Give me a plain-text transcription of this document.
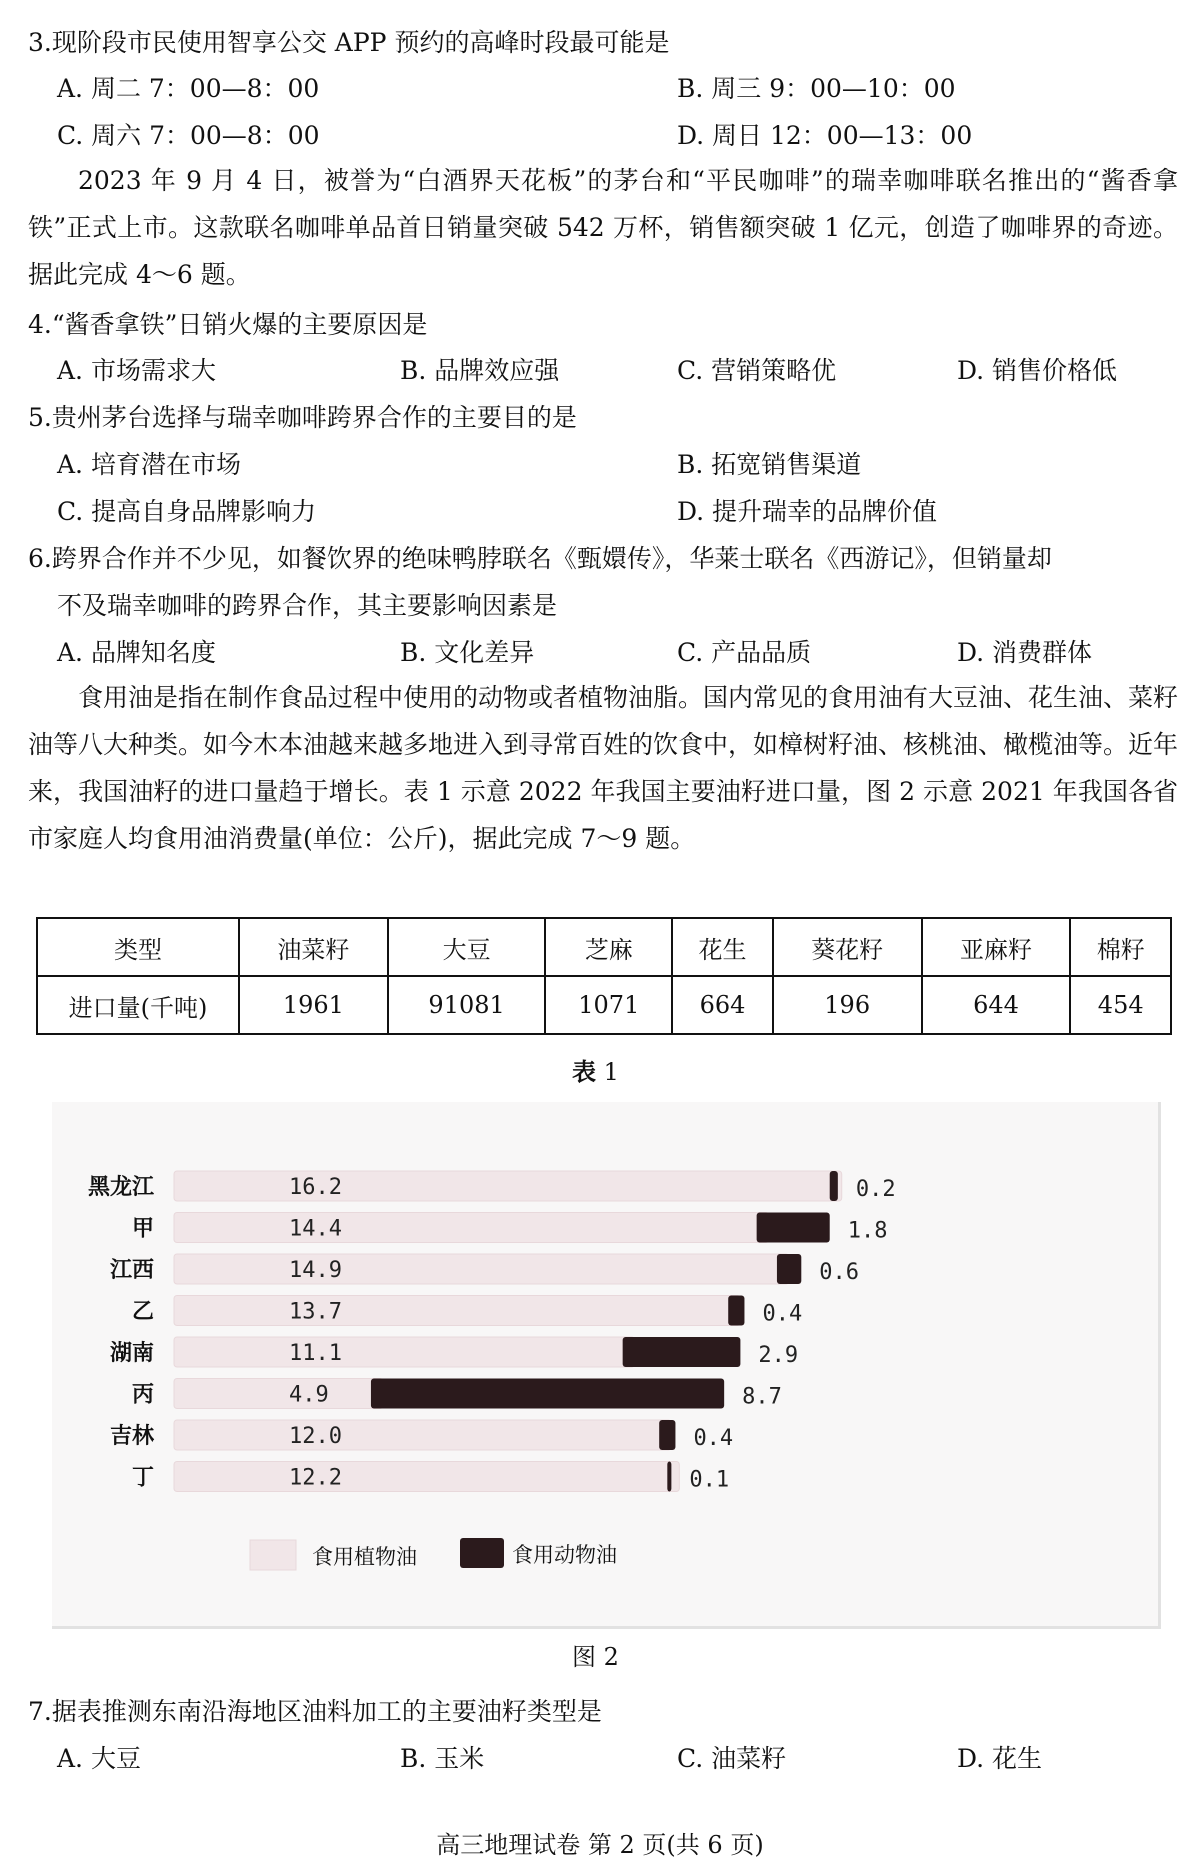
3.现阶段市民使用智享公交 APP 预约的高峰时段最可能是
A. 周二 7：00—8：00	B. 周三 9：00—10：00
C. 周六 7：00—8：00	D. 周日 12：00—13：00
2023 年 9 月 4 日，被誉为“白酒界天花板”的茅台和“平民咖啡”的瑞幸咖啡联名推出的“酱香拿铁”正式上市。这款联名咖啡单品首日销量突破 542 万杯，销售额突破 1 亿元，创造了咖啡界的奇迹。据此完成 4～6 题。
4.“酱香拿铁”日销火爆的主要原因是
A. 市场需求大	B. 品牌效应强	C. 营销策略优	D. 销售价格低
5.贵州茅台选择与瑞幸咖啡跨界合作的主要目的是
A. 培育潜在市场	B. 拓宽销售渠道
C. 提高自身品牌影响力	D. 提升瑞幸的品牌价值
6.跨界合作并不少见，如餐饮界的绝味鸭脖联名《甄嬛传》，华莱士联名《西游记》，但销量却
不及瑞幸咖啡的跨界合作，其主要影响因素是
A. 品牌知名度	B. 文化差异	C. 产品品质	D. 消费群体
食用油是指在制作食品过程中使用的动物或者植物油脂。国内常见的食用油有大豆油、花生油、菜籽油等八大种类。如今木本油越来越多地进入到寻常百姓的饮食中，如樟树籽油、核桃油、橄榄油等。近年来，我国油籽的进口量趋于增长。表 1 示意 2022 年我国主要油籽进口量，图 2 示意 2021 年我国各省市家庭人均食用油消费量(单位：公斤)，据此完成 7～9 题。
类型	油菜籽	大豆	芝麻	花生	葵花籽	亚麻籽	棉籽
进口量(千吨)	1961	91081	1071	664	196	644	454
表 1
黑龙江	16.2	0.2
甲	14.4	1.8
江西	14.9	0.6
乙	13.7	0.4
湖南	11.1	2.9
丙	4.9	8.7
吉林	12.0	0.4
丁	12.2	0.1
食用植物油	食用动物油
图 2
7.据表推测东南沿海地区油料加工的主要油籽类型是
A. 大豆	B. 玉米	C. 油菜籽	D. 花生
高三地理试卷 第 2 页(共 6 页)
